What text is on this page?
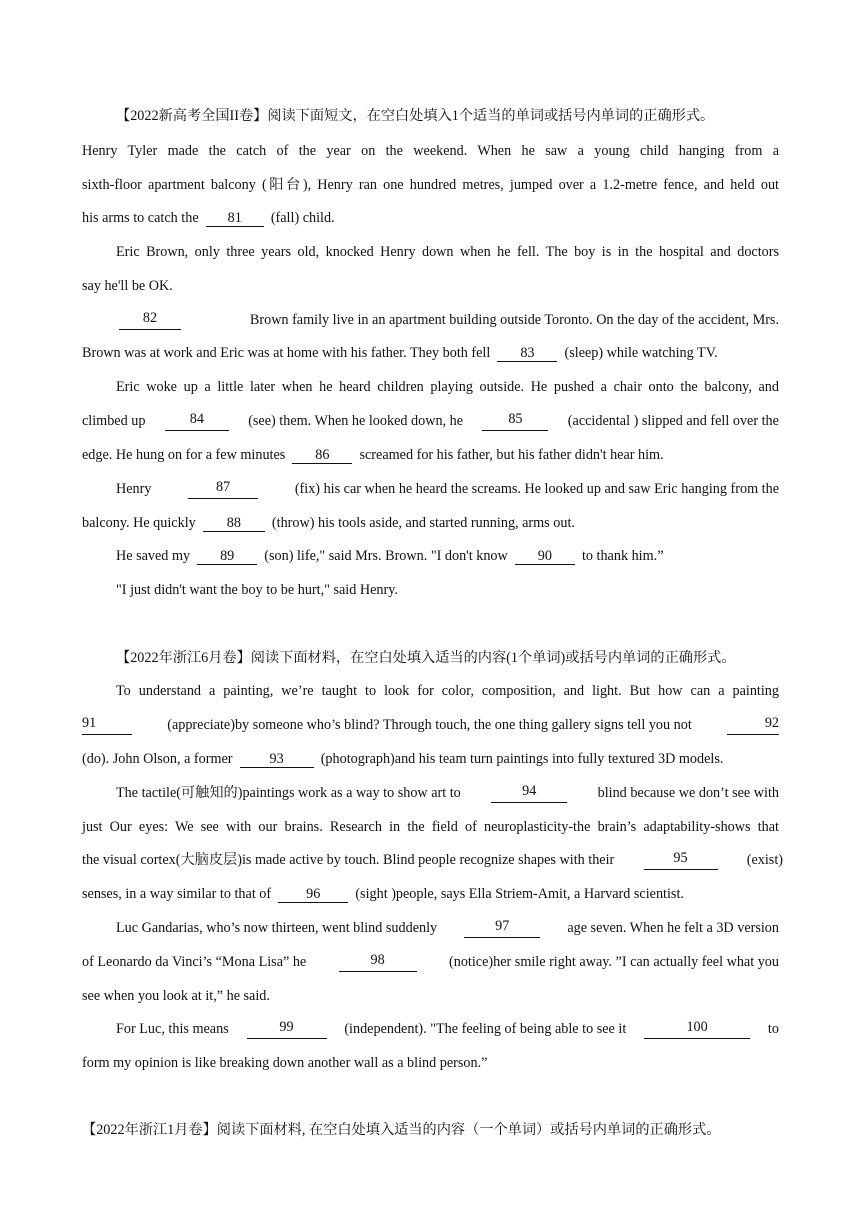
【2022新高考全国II卷】阅读下面短文，在空白处填入1个适当的单词或括号内单词的正确形式。
Henry Tyler made the catch of the year on the weekend. When he saw a young child hanging from a
sixth-floor apartment balcony (阳台), Henry ran one hundred metres, jumped over a 1.2-metre fence, and held out
his arms to catch the 81 (fall) child.
Eric Brown, only three years old, knocked Henry down when he fell. The boy is in the hospital and doctors
say he'll be OK.
82	Brown family live in an apartment building outside Toronto. On the day of the accident, Mrs.
Brown was at work and Eric was at home with his father. They both fell 83 (sleep) while watching TV.
Eric woke up a little later when he heard children playing outside. He pushed a chair onto the balcony, and
climbed up	84	(see) them. When he looked down, he	85	(accidental ) slipped and fell over the
edge. He hung on for a few minutes 86 screamed for his father, but his father didn't hear him.
Henry	87	(fix) his car when he heard the screams. He looked up and saw Eric hanging from the
balcony. He quickly 88 (throw) his tools aside, and started running, arms out.
He saved my 89 (son) life," said Mrs. Brown. "I don't know 90 to thank him.”
"I just didn't want the boy to be hurt," said Henry.
【2022年浙江6月卷】阅读下面材料，在空白处填入适当的内容(1个单词)或括号内单词的正确形式。
To understand a painting, we’re taught to look for color, composition, and light. But how can a painting
91	(appreciate)by someone who’s blind? Through touch, the one thing gallery signs tell you not	92
(do). John Olson, a former	93	(photograph)and his team turn paintings into fully textured 3D models.
The tactile(可触知的)paintings work as a way to show art to	94	blind because we don’t see with
just Our eyes: We see with our brains. Research in the field of neuroplasticity-the brain’s adaptability-shows that
the visual cortex(大脑皮层)is made active by touch. Blind people recognize shapes with their	95	(exist)
senses, in a way similar to that of 96 (sight )people, says Ella Striem-Amit, a Harvard scientist.
Luc Gandarias, who’s now thirteen, went blind suddenly	97	age seven. When he felt a 3D version
of Leonardo da Vinci’s “Mona Lisa” he	98	(notice)her smile right away. ”I can actually feel what you
see when you look at it,” he said.
For Luc, this means	99	(independent). "The feeling of being able to see it	100	to
form my opinion is like breaking down another wall as a blind person.”
【2022年浙江1月卷】阅读下面材料, 在空白处填入适当的内容（一个单词）或括号内单词的正确形式。
